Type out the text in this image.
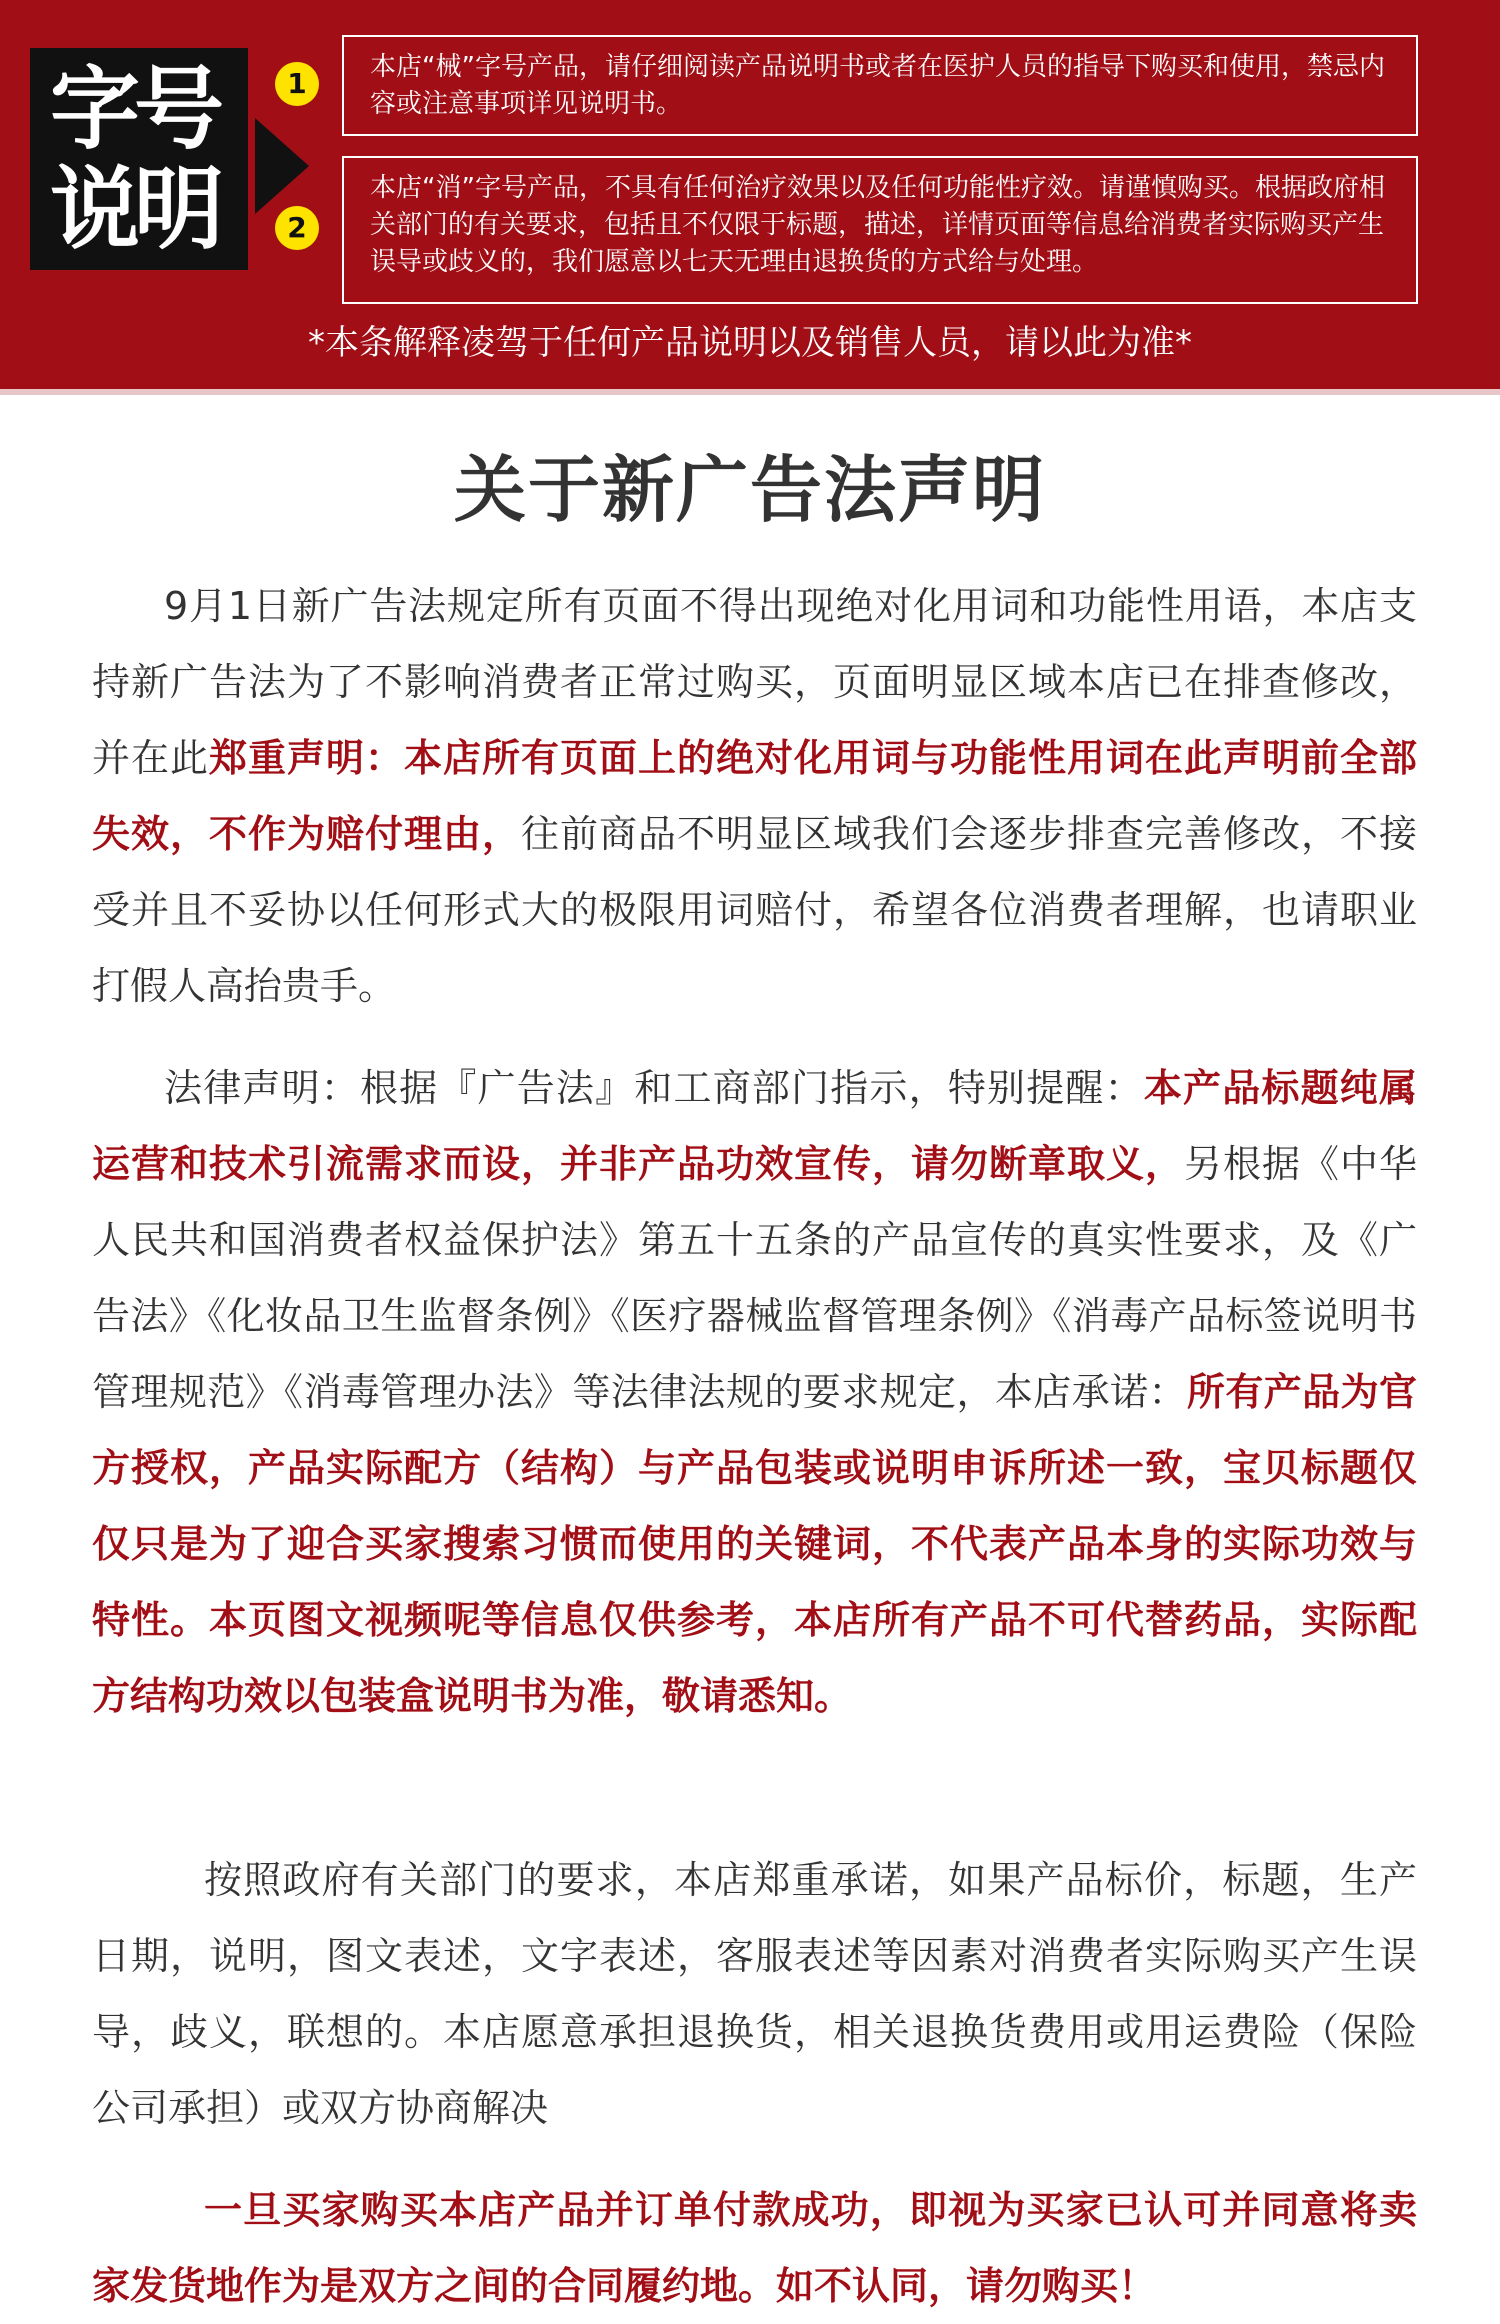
字号
说明
1
2
本店“械”字号产品，请仔细阅读产品说明书或者在医护人员的指导下购买和使用，禁忌内容或注意事项详见说明书。
本店“消”字号产品，不具有任何治疗效果以及任何功能性疗效。请谨慎购买。根据政府相关部门的有关要求，包括且不仅限于标题，描述，详情页面等信息给消费者实际购买产生误导或歧义的，我们愿意以七天无理由退换货的方式给与处理。
*本条解释凌驾于任何产品说明以及销售人员，请以此为准*
关于新广告法声明
9月1日新广告法规定所有页面不得出现绝对化用词和功能性用语，本店支持新广告法为了不影响消费者正常过购买，页面明显区域本店已在排查修改，并在此郑重声明：本店所有页面上的绝对化用词与功能性用词在此声明前全部失效，不作为赔付理由，往前商品不明显区域我们会逐步排查完善修改，不接受并且不妥协以任何形式大的极限用词赔付，希望各位消费者理解，也请职业打假人高抬贵手。
法律声明：根据『广告法』和工商部门指示，特别提醒：本产品标题纯属运营和技术引流需求而设，并非产品功效宣传，请勿断章取义，另根据《中华人民共和国消费者权益保护法》第五十五条的产品宣传的真实性要求，及《广告法》《化妆品卫生监督条例》《医疗器械监督管理条例》《消毒产品标签说明书管理规范》《消毒管理办法》等法律法规的要求规定，本店承诺：所有产品为官方授权，产品实际配方（结构）与产品包装或说明申诉所述一致，宝贝标题仅仅只是为了迎合买家搜索习惯而使用的关键词，不代表产品本身的实际功效与特性。本页图文视频呢等信息仅供参考，本店所有产品不可代替药品，实际配方结构功效以包装盒说明书为准，敬请悉知。
按照政府有关部门的要求，本店郑重承诺，如果产品标价，标题，生产日期，说明，图文表述，文字表述，客服表述等因素对消费者实际购买产生误导，歧义，联想的。本店愿意承担退换货，相关退换货费用或用运费险（保险公司承担）或双方协商解决
一旦买家购买本店产品并订单付款成功，即视为买家已认可并同意将卖家发货地作为是双方之间的合同履约地。如不认同，请勿购买！
